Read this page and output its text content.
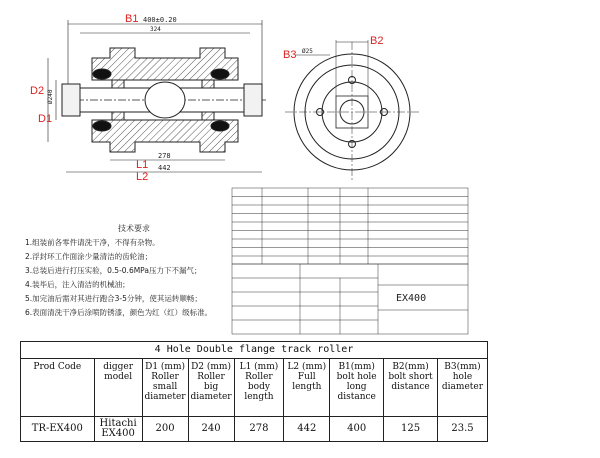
400±0.20
324
Ø240
278
442
B1
D2
D1
L1
L2
Ø25
B3
B2
技术要求
1.组装前各零件请洗干净，不得有杂物。
2.浮封环工作面涂少量清洁的齿轮油；
3.总装后进行打压实验，0.5-0.6MPa压力下不漏气；
4.装毕后，注入清洁的机械油；
5.加完油后需对其进行跑合3-5分钟，使其运转顺畅；
6.表面清洗干净后涂喷防锈漆，颜色为红（红）级标准。
EX400
4 Hole Double flange track roller								
Prod Code	digger model	D1 (mm) Roller small diameter	D2 (mm) Roller big diameter	L1 (mm) Roller body length	L2 (mm) Full length	B1(mm) bolt hole long distance	B2(mm) bolt short distance	B3(mm) hole diameter
TR-EX400	Hitachi EX400	200	240	278	442	400	125	23.5
